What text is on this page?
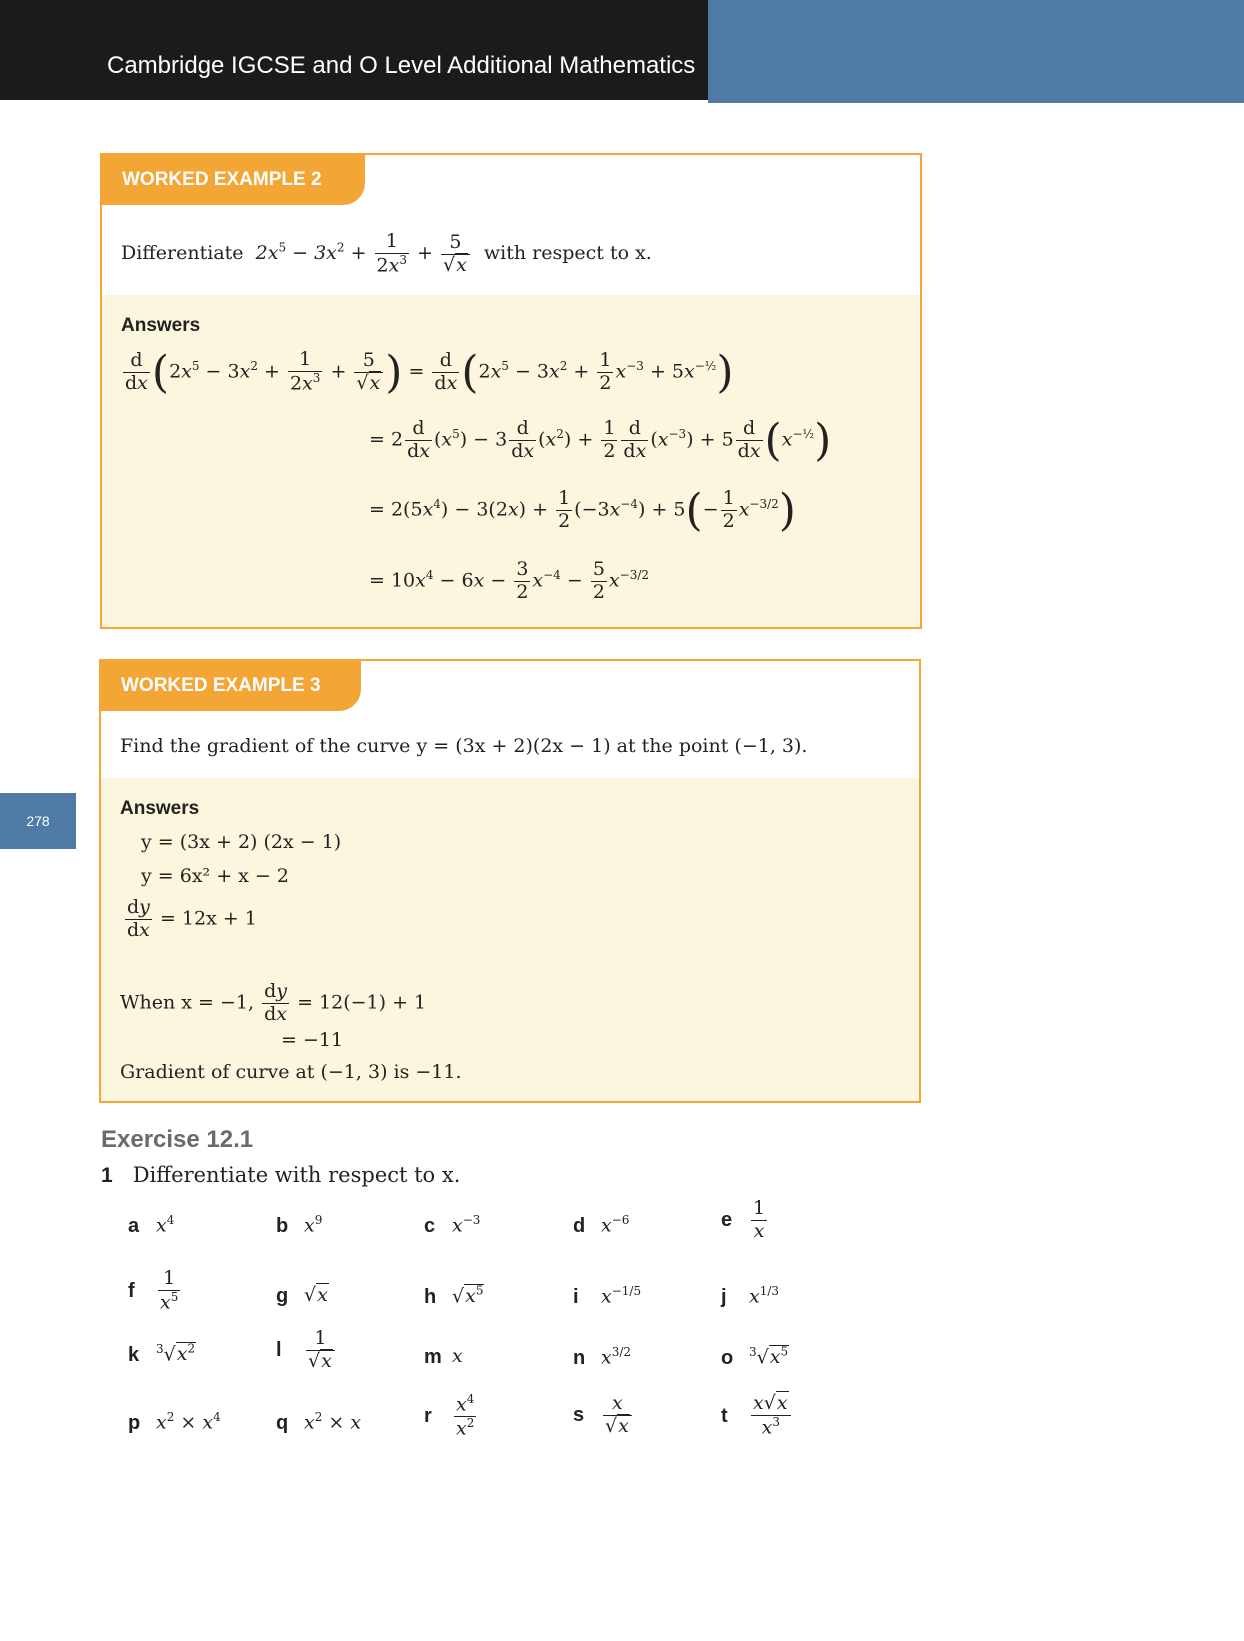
Cambridge IGCSE and O Level Additional Mathematics
278
WORKED EXAMPLE 2
Differentiate $2x^5 - 3x^2 + \frac{1}{2x^3} + \frac{5}{√x}$ with respect to x.
Answers
$\frac{d}{dx} (2x^5 - 3x^2 + \frac{1}{2x^3} + \frac{5}{√x}$ ) = $\frac{d}{dx} (2x^5 - 3x^2 + \frac{1}{2} x^{-3} + 5x^{-\frac{1}{2}})$
= $2 \frac{d}{dx} (x^5) - 3 \frac{d}{dx} (x^2) + \frac{1}{2} \frac{d}{dx} (x^{-3}) + 5 \frac{d}{dx} (x^{-\frac{1}{2}})$
= $2(5x^4) - 3(2x) + \frac{1}{2} (-3x^{-4}) + 5(- \frac{1}{2} x^{-3/2})$
= $10x^4 - 6x - \frac{3}{2} x^{-4} - \frac{5}{2} x^{-3/2}$
WORKED EXAMPLE 3
Find the gradient of the curve y = (3x + 2)(2x − 1) at the point (−1, 3).
Answers
y = (3x + 2) (2x − 1)
y = 6x² + x − 2
$\frac{dy}{dx} = 12x + 1$
When x = −1, $\frac{dy}{dx} = 12(-1) + 1$
= −11
Gradient of curve at (−1, 3) is −11.
Exercise 12.1
1 Differentiate with respect to x.
a $x^4$	b $x^9$	c $x^{-3}$	d $x^{-6}$	e $\frac{1}{x}$
f $\frac{1}{x^5}$	g √x	h $√x^5$	i $x^{-1/5}$	j $x^{1/3}$
k $^3√x^2$	l $\frac{1}{√x}$	m x	n $x^{3/2}$	o $^3√x^5$
p $x^2 \times x^4$	q $x^2 \times x$	r $\frac{x^4}{x^2}$	s $\frac{x}{√x}$	t $\frac{x√x}{x^3}$
